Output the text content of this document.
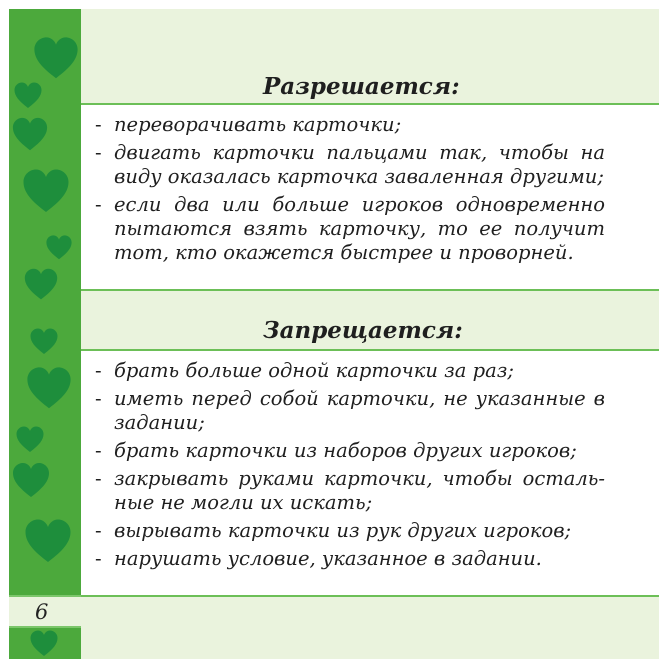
6
Разрешается:
-
переворачивать карточки;
-
двигать карточки пальцами так, чтобы на виду оказалась карточка заваленная другими;
-
если два или больше игроков одновременно пытаются взять карточку, то ее получит тот, кто окажется быстрее и проворней.
Запрещается:
-
брать больше одной карточки за раз;
-
иметь перед собой карточки, не указанные в задании;
-
брать карточки из наборов других игроков;
-
закрывать руками карточки, чтобы осталь-ные не могли их искать;
-
вырывать карточки из рук других игроков;
-
нарушать условие, указанное в задании.
